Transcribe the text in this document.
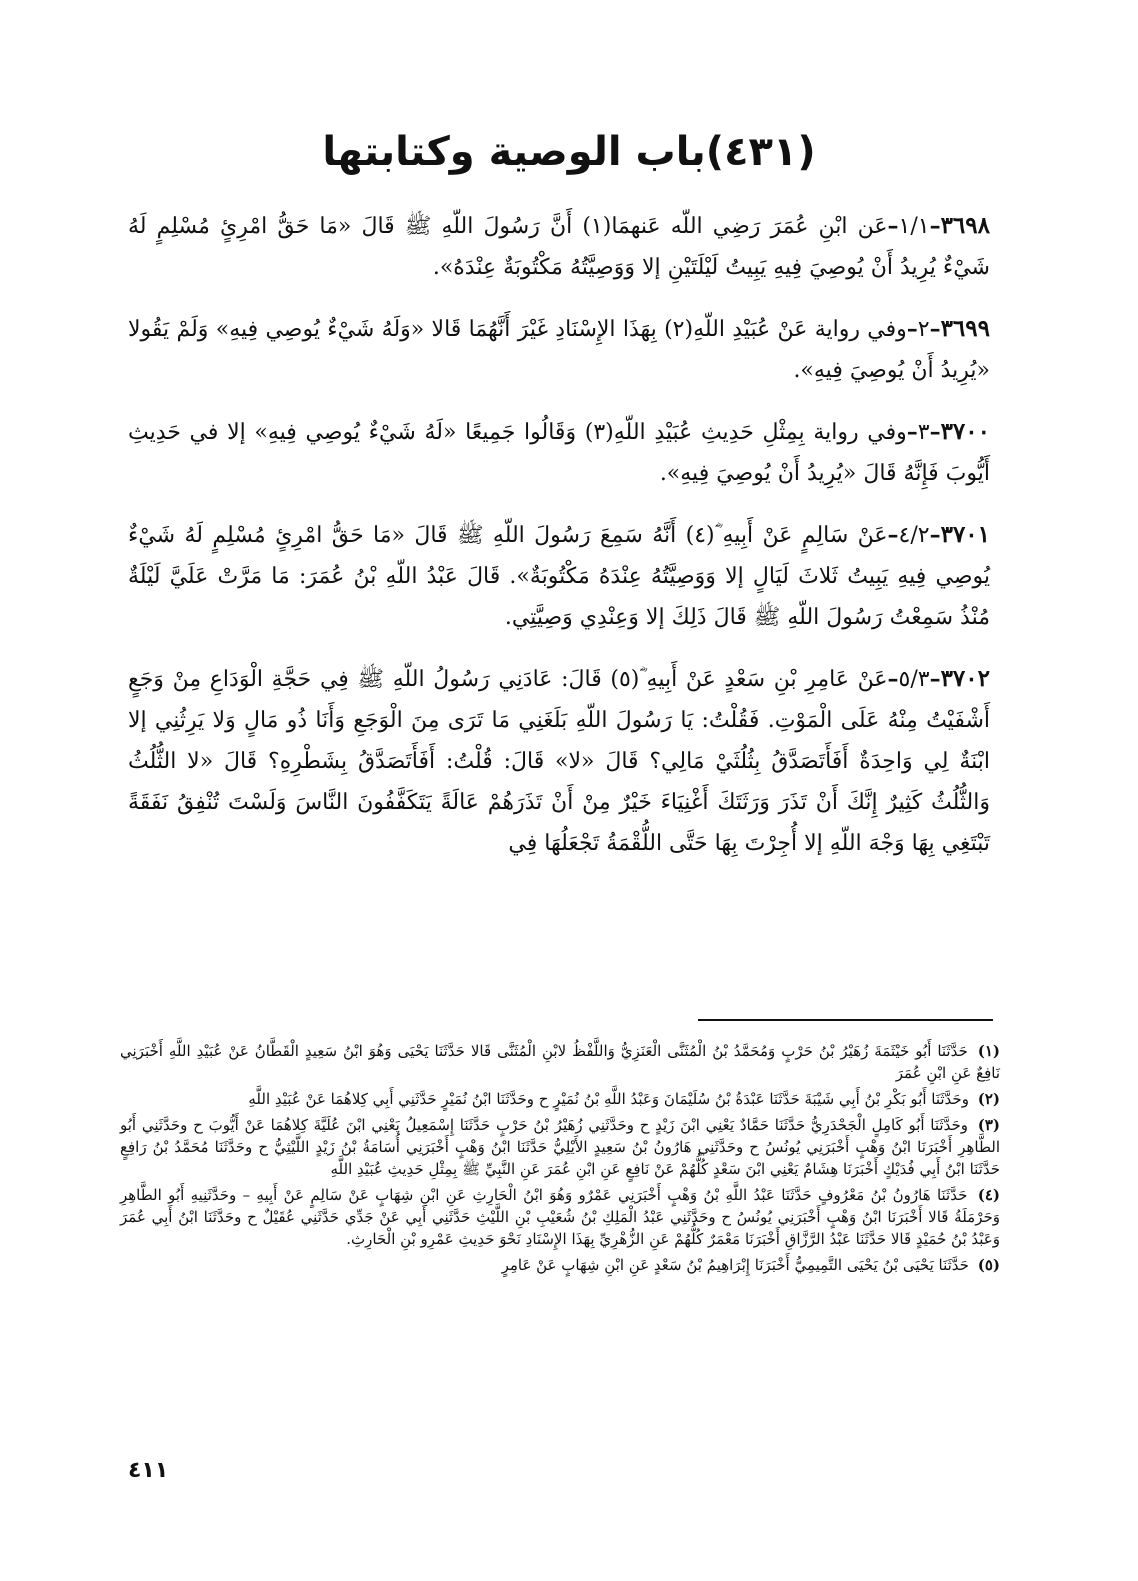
(٤٣١)باب الوصية وكتابتها

٣٦٩٨–١/١–عَن ابْنِ عُمَرَ رَضِي اللّه عَنهمَا(١) أَنَّ رَسُولَ اللّهِ ﷺ قَالَ «مَا حَقُّ امْرِئٍ مُسْلِمٍ لَهُ شَيْءٌ يُرِيدُ أَنْ يُوصِيَ فِيهِ يَبِيتُ لَيْلَتَيْنِ إلا وَوَصِيَّتُهُ مَكْتُوبَةٌ عِنْدَهُ».

٣٦٩٩–٢–وفي رواية عَنْ عُبَيْدِ اللّهِ(٢) بِهَذَا الإِسْنَادِ غَيْرَ أَنَّهُمَا قَالا «وَلَهُ شَيْءٌ يُوصِي فِيهِ» وَلَمْ يَقُولا «يُرِيدُ أَنْ يُوصِيَ فِيهِ».

٣٧٠٠–٣–وفي رواية بِمِثْلِ حَدِيثِ عُبَيْدِ اللّهِ(٣) وَقَالُوا جَمِيعًا «لَهُ شَيْءٌ يُوصِي فِيهِ» إلا في حَدِيثِ أَيُّوبَ فَإِنَّهُ قَالَ «يُرِيدُ أَنْ يُوصِيَ فِيهِ».

٣٧٠١–٤/٢–عَنْ سَالِمٍ عَنْ أَبِيهِ ؓ(٤) أَنَّهُ سَمِعَ رَسُولَ اللّهِ ﷺ قَالَ «مَا حَقُّ امْرِئٍ مُسْلِمٍ لَهُ شَيْءٌ يُوصِي فِيهِ يَبِيتُ ثَلاثَ لَيَالٍ إلا وَوَصِيَّتُهُ عِنْدَهُ مَكْتُوبَةٌ». قَالَ عَبْدُ اللّهِ بْنُ عُمَرَ: مَا مَرَّتْ عَلَيَّ لَيْلَةٌ مُنْذُ سَمِعْتُ رَسُولَ اللّهِ ﷺ قَالَ ذَلِكَ إلا وَعِنْدِي وَصِيَّتِي.

٣٧٠٢–٥/٣–عَنْ عَامِرِ بْنِ سَعْدٍ عَنْ أَبِيهِ ؓ(٥) قَالَ: عَادَنِي رَسُولُ اللّهِ ﷺ فِي حَجَّةِ الْوَدَاعِ مِنْ وَجَعٍ أَشْفَيْتُ مِنْهُ عَلَى الْمَوْتِ. فَقُلْتُ: يَا رَسُولَ اللّهِ بَلَغَنِي مَا تَرَى مِنَ الْوَجَعِ وَأَنَا ذُو مَالٍ وَلا يَرِثُنِي إلا ابْنَةٌ لِي وَاحِدَةٌ أَفَأَتَصَدَّقُ بِثُلُثَيْ مَالِي؟ قَالَ «لا» قَالَ: قُلْتُ: أَفَأَتَصَدَّقُ بِشَطْرِهِ؟ قَالَ «لا الثُّلُثُ وَالثُّلُثُ كَثِيرٌ إِنَّكَ أَنْ تَذَرَ وَرَثَتَكَ أَغْنِيَاءَ خَيْرٌ مِنْ أَنْ تَذَرَهُمْ عَالَةً يَتَكَفَّفُونَ النَّاسَ وَلَسْتَ تُنْفِقُ نَفَقَةً تَبْتَغِي بِهَا وَجْهَ اللّهِ إلا أُجِرْتَ بِهَا حَتَّى اللُّقْمَةُ تَجْعَلُهَا فِي

(١) حَدَّثَنَا أَبُو خَيْثَمَةَ زُهَيْرُ بْنُ حَرْبٍ وَمُحَمَّدُ بْنُ الْمُثَنَّى الْعَنَزِيُّ وَاللَّفْظُ لابْنِ الْمُثَنَّى قَالا حَدَّثَنَا يَحْيَى وَهُوَ ابْنُ سَعِيدٍ الْقَطَّانُ عَنْ عُبَيْدِ اللَّهِ أَخْبَرَنِي نَافِعٌ عَنِ ابْنِ عُمَرَ

(٢) وحَدَّثَنَا أَبُو بَكْرِ بْنُ أَبِي شَيْبَةَ حَدَّثَنَا عَبْدَةُ بْنُ سُلَيْمَانَ وَعَبْدُ اللَّهِ بْنُ نُمَيْرٍ ح وحَدَّثَنَا ابْنُ نُمَيْرٍ حَدَّثَنِي أَبِي كِلاهُمَا عَنْ عُبَيْدِ اللَّهِ

(٣) وحَدَّثَنَا أَبُو كَامِلٍ الْجَحْدَرِيُّ حَدَّثَنَا حَمَّادٌ يَعْنِي ابْنَ زَيْدٍ ح وحَدَّثَنِي زُهَيْرُ بْنُ حَرْبٍ حَدَّثَنَا إِسْمَعِيلُ يَعْنِي ابْنَ عُلَيَّةَ كِلاهُمَا عَنْ أَيُّوبَ ح وحَدَّثَنِي أَبُو الطَّاهِرِ أَخْبَرَنَا ابْنُ وَهْبٍ أَخْبَرَنِي يُونُسُ ح وحَدَّثَنِي هَارُونُ بْنُ سَعِيدٍ الأَيْلِيُّ حَدَّثَنَا ابْنُ وَهْبٍ أَخْبَرَنِي أُسَامَةُ بْنُ زَيْدٍ اللَّيْثِيُّ ح وحَدَّثَنَا مُحَمَّدُ بْنُ رَافِعٍ حَدَّثَنَا ابْنُ أَبِي فُدَيْكٍ أَخْبَرَنَا هِشَامٌ يَعْنِي ابْنَ سَعْدٍ كُلُّهُمْ عَنْ نَافِعٍ عَنِ ابْنِ عُمَرَ عَنِ النَّبِيِّ ﷺ بِمِثْلِ حَدِيثِ عُبَيْدِ اللَّهِ

(٤) حَدَّثَنَا هَارُونُ بْنُ مَعْرُوفٍ حَدَّثَنَا عَبْدُ اللَّهِ بْنُ وَهْبٍ أَخْبَرَنِي عَمْرٌو وَهُوَ ابْنُ الْحَارِثِ عَنِ ابْنِ شِهَابٍ عَنْ سَالِمٍ عَنْ أَبِيهِ – وحَدَّثَنِيهِ أَبُو الطَّاهِرِ وَحَرْمَلَةُ قَالا أَخْبَرَنَا ابْنُ وَهْبٍ أَخْبَرَنِي يُونُسُ ح وحَدَّثَنِي عَبْدُ الْمَلِكِ بْنُ شُعَيْبِ بْنِ اللَّيْثِ حَدَّثَنِي أَبِي عَنْ جَدِّي حَدَّثَنِي عُقَيْلٌ ح وحَدَّثَنَا ابْنُ أَبِي عُمَرَ وَعَبْدُ بْنُ حُمَيْدٍ قَالا حَدَّثَنَا عَبْدُ الرَّزَّاقِ أَخْبَرَنَا مَعْمَرٌ كُلُّهُمْ عَنِ الزُّهْرِيِّ بِهَذَا الإِسْنَادِ نَحْوَ حَدِيثِ عَمْرِو بْنِ الْحَارِثِ.

(٥) حَدَّثَنَا يَحْيَى بْنُ يَحْيَى التَّمِيمِيُّ أَخْبَرَنَا إِبْرَاهِيمُ بْنُ سَعْدٍ عَنِ ابْنِ شِهَابٍ عَنْ عَامِرٍ

٤١١
